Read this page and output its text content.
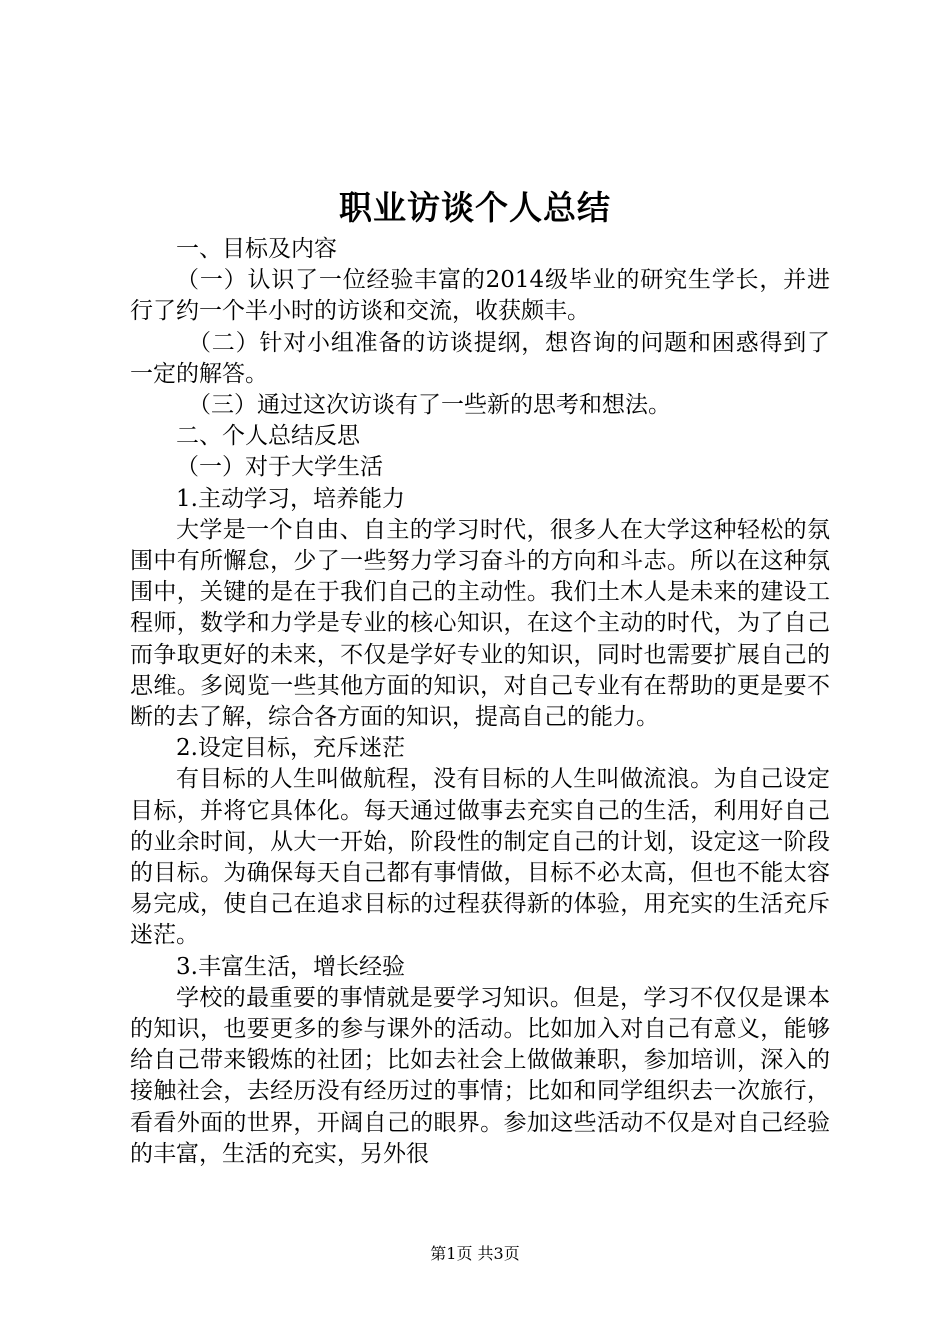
职业访谈个人总结

一、目标及内容

（一）认识了一位经验丰富的2014级毕业的研究生学长，并进行了约一个半小时的访谈和交流，收获颇丰。

（二）针对小组准备的访谈提纲，想咨询的问题和困惑得到了一定的解答。

（三）通过这次访谈有了一些新的思考和想法。

二、个人总结反思

（一）对于大学生活

1.主动学习，培养能力

大学是一个自由、自主的学习时代，很多人在大学这种轻松的氛围中有所懈怠，少了一些努力学习奋斗的方向和斗志。所以在这种氛围中，关键的是在于我们自己的主动性。我们土木人是未来的建设工程师，数学和力学是专业的核心知识，在这个主动的时代，为了自己而争取更好的未来，不仅是学好专业的知识，同时也需要扩展自己的思维。多阅览一些其他方面的知识，对自己专业有在帮助的更是要不断的去了解，综合各方面的知识，提高自己的能力。

2.设定目标，充斥迷茫

有目标的人生叫做航程，没有目标的人生叫做流浪。为自己设定目标，并将它具体化。每天通过做事去充实自己的生活，利用好自己的业余时间，从大一开始，阶段性的制定自己的计划，设定这一阶段的目标。为确保每天自己都有事情做，目标不必太高，但也不能太容易完成，使自己在追求目标的过程获得新的体验，用充实的生活充斥迷茫。

3.丰富生活，增长经验

学校的最重要的事情就是要学习知识。但是，学习不仅仅是课本的知识，也要更多的参与课外的活动。比如加入对自己有意义，能够给自己带来锻炼的社团；比如去社会上做做兼职，参加培训，深入的接触社会，去经历没有经历过的事情；比如和同学组织去一次旅行，看看外面的世界，开阔自己的眼界。参加这些活动不仅是对自己经验的丰富，生活的充实，另外很

第1页 共3页
